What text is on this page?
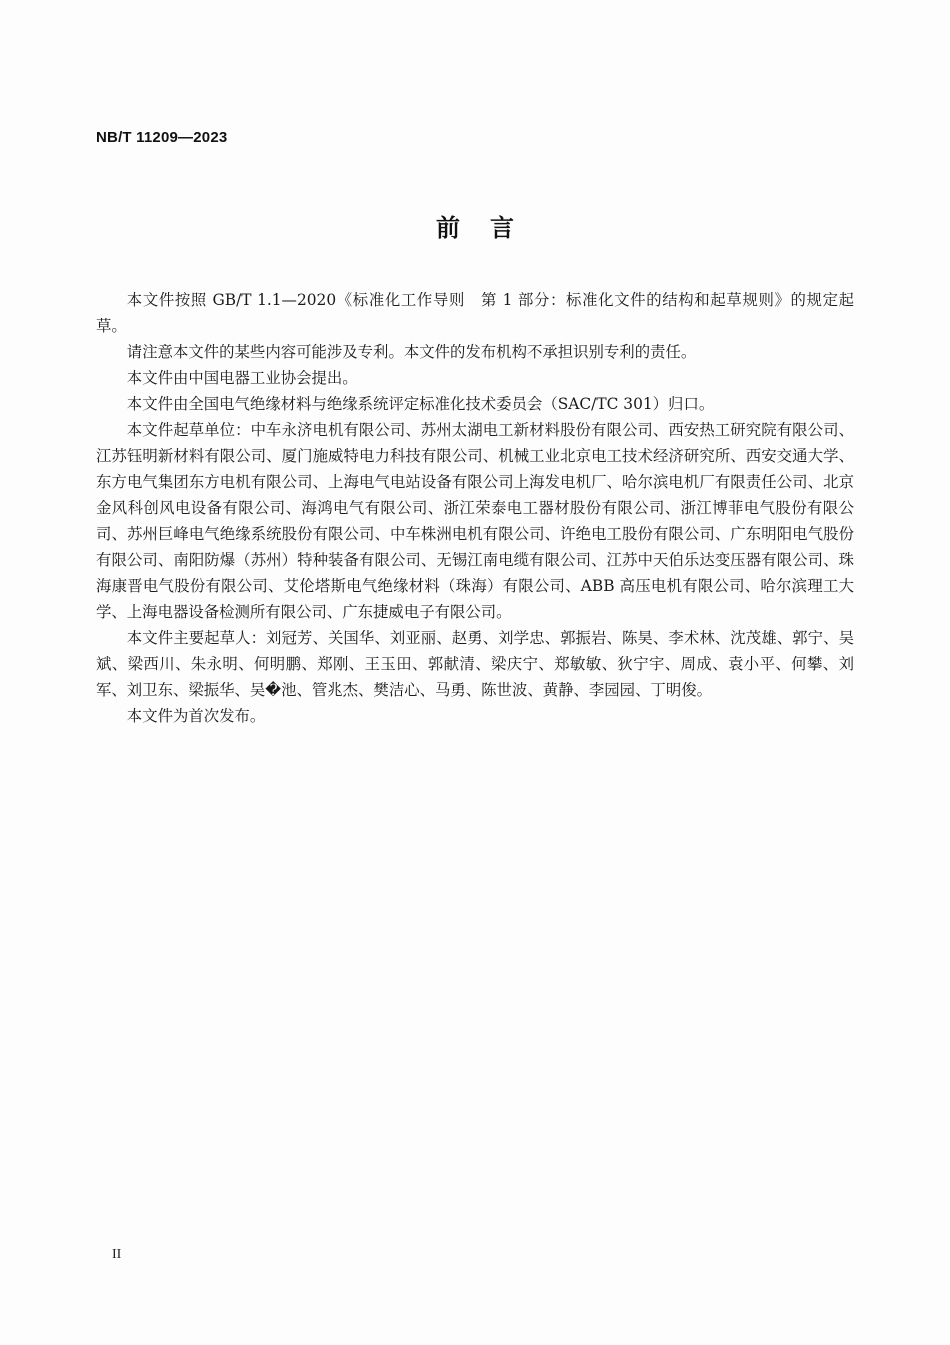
NB/T 11209—2023
前言

本文件按照 GB/T 1.1—2020《标准化工作导则　第 1 部分：标准化文件的结构和起草规则》的规定起草。

请注意本文件的某些内容可能涉及专利。本文件的发布机构不承担识别专利的责任。

本文件由中国电器工业协会提出。

本文件由全国电气绝缘材料与绝缘系统评定标准化技术委员会（SAC/TC 301）归口。

本文件起草单位：中车永济电机有限公司、苏州太湖电工新材料股份有限公司、西安热工研究院有限公司、江苏钰明新材料有限公司、厦门施威特电力科技有限公司、机械工业北京电工技术经济研究所、西安交通大学、东方电气集团东方电机有限公司、上海电气电站设备有限公司上海发电机厂、哈尔滨电机厂有限责任公司、北京金风科创风电设备有限公司、海鸿电气有限公司、浙江荣泰电工器材股份有限公司、浙江博菲电气股份有限公司、苏州巨峰电气绝缘系统股份有限公司、中车株洲电机有限公司、许绝电工股份有限公司、广东明阳电气股份有限公司、南阳防爆（苏州）特种装备有限公司、无锡江南电缆有限公司、江苏中天伯乐达变压器有限公司、珠海康晋电气股份有限公司、艾伦塔斯电气绝缘材料（珠海）有限公司、ABB 高压电机有限公司、哈尔滨理工大学、上海电器设备检测所有限公司、广东捷威电子有限公司。

本文件主要起草人：刘冠芳、关国华、刘亚丽、赵勇、刘学忠、郭振岩、陈昊、李术林、沈茂雄、郭宁、吴斌、梁西川、朱永明、何明鹏、郑刚、王玉田、郭献清、梁庆宁、郑敏敏、狄宁宇、周成、袁小平、何攀、刘军、刘卫东、梁振华、吴�池、管兆杰、樊洁心、马勇、陈世波、黄静、李园园、丁明俊。

本文件为首次发布。

II
